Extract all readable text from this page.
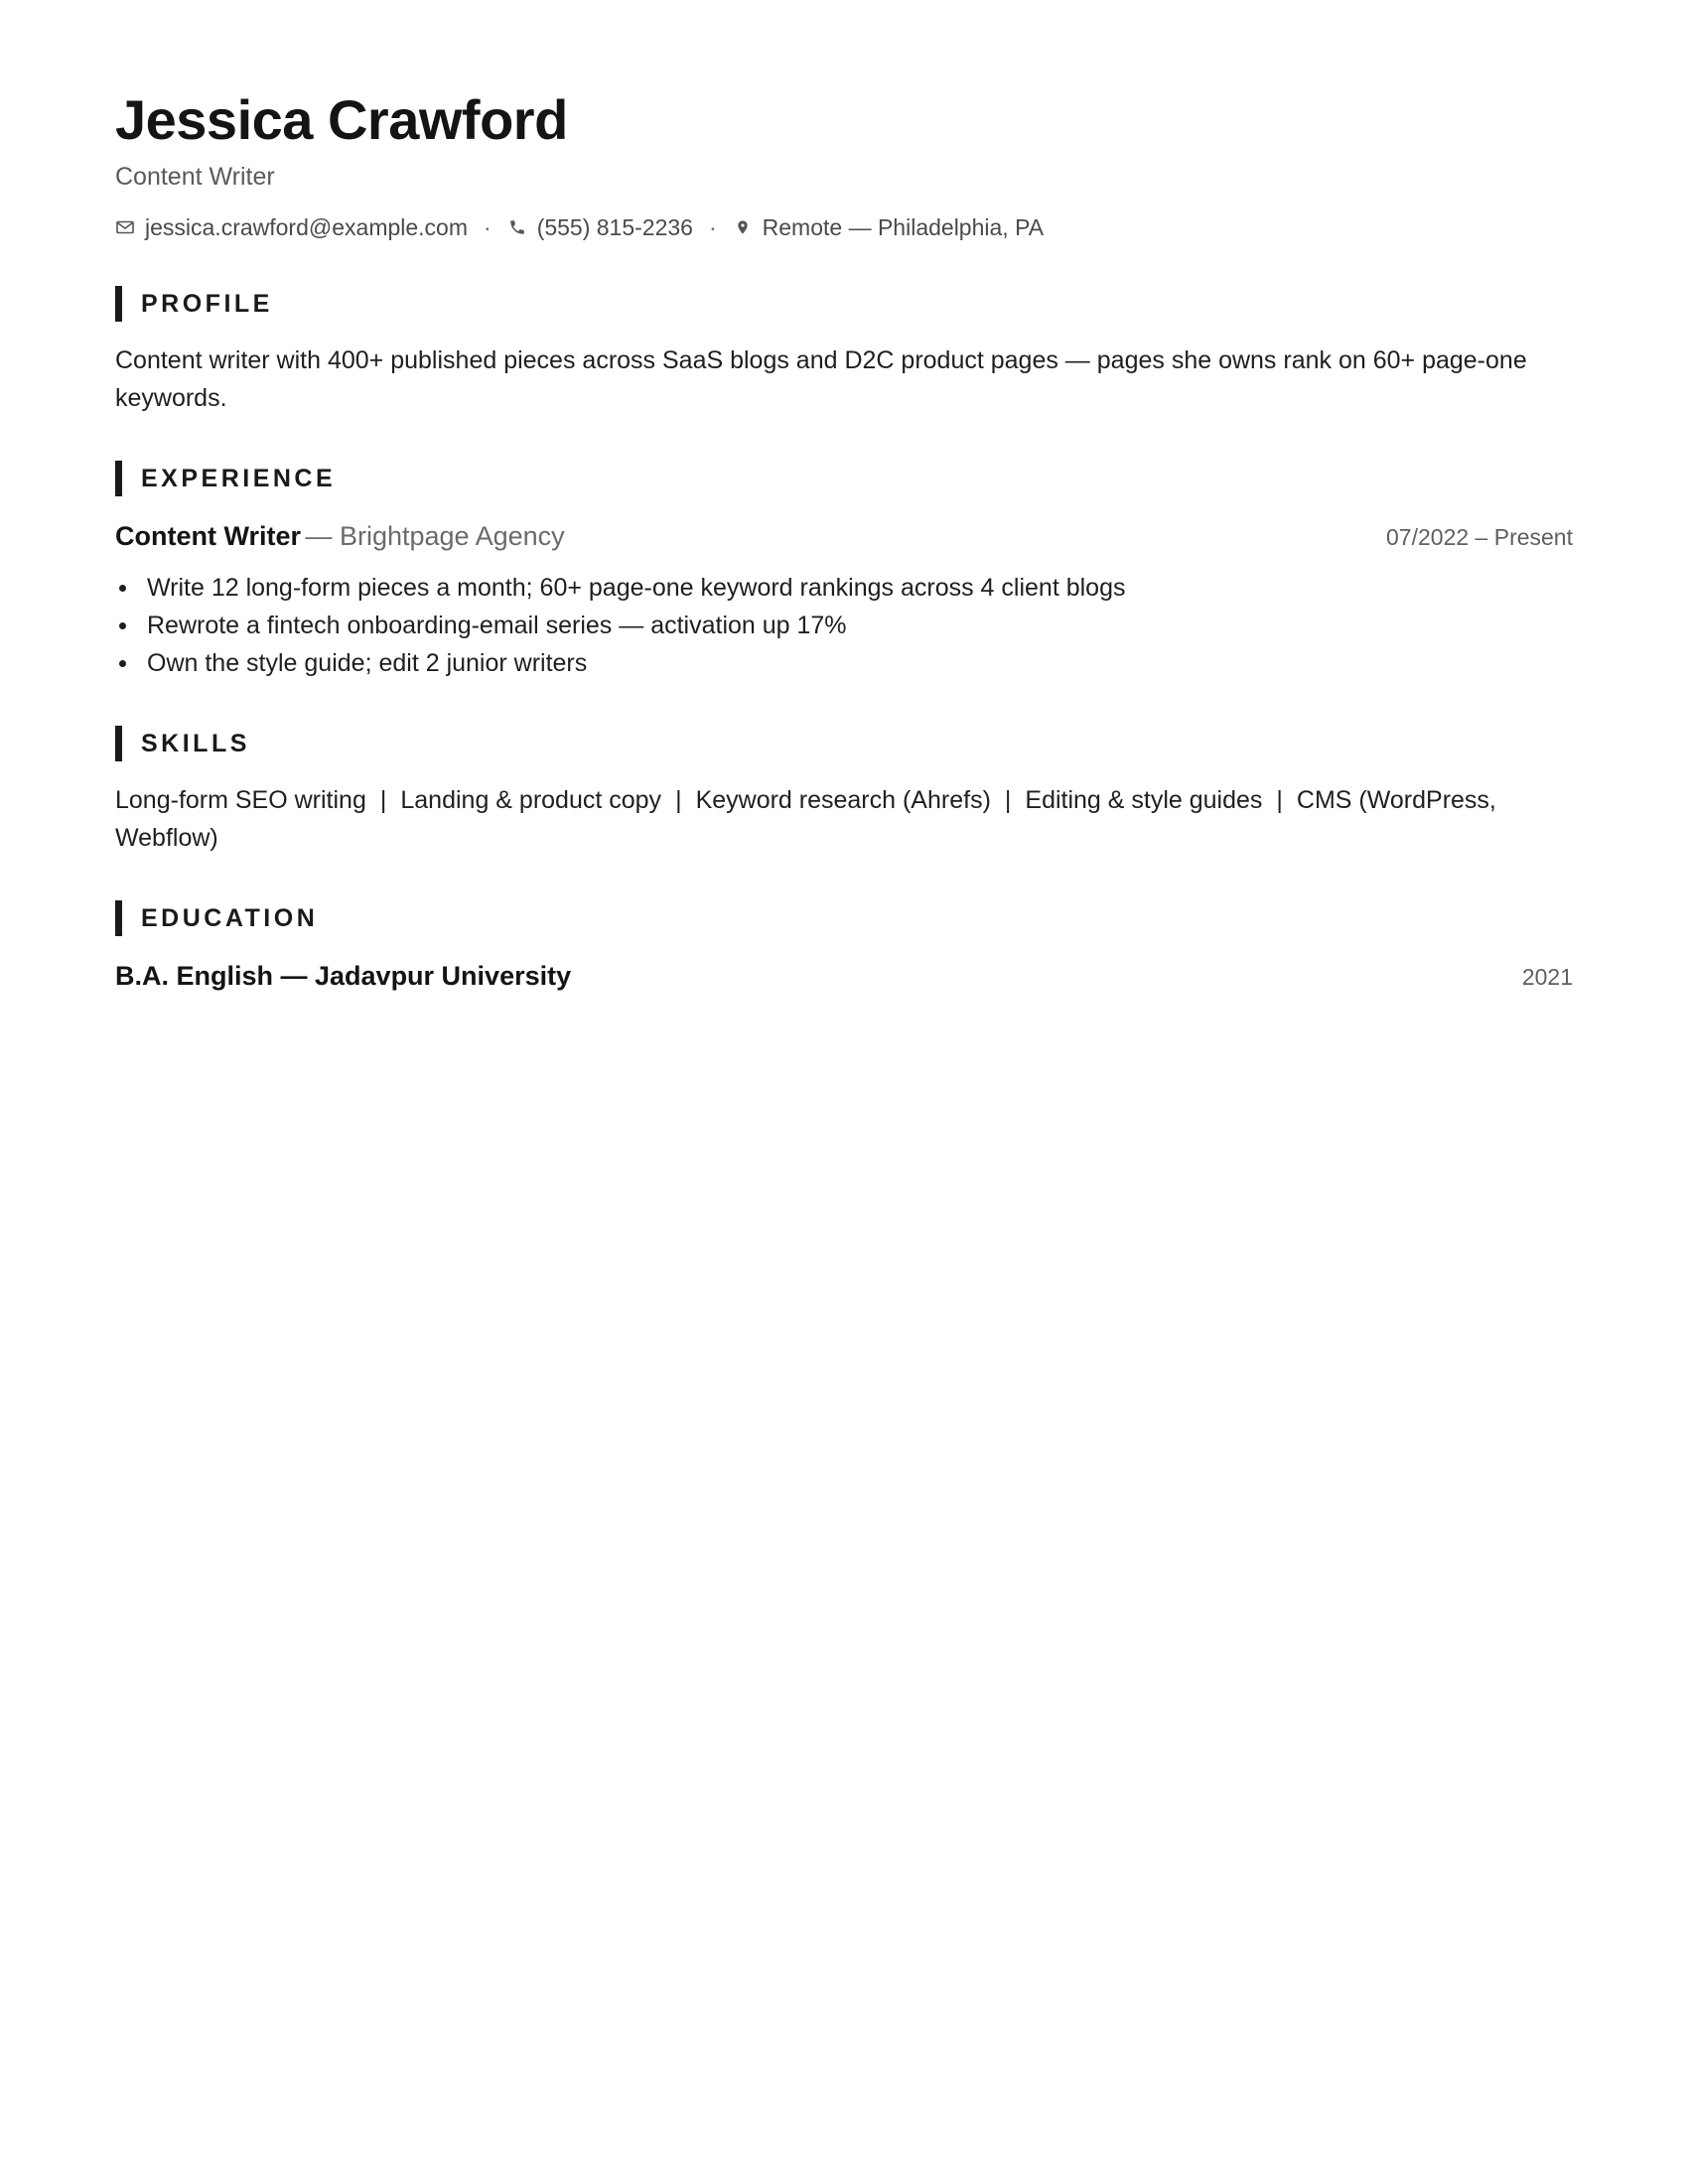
Jessica Crawford
Content Writer
jessica.crawford@example.com · (555) 815-2236 · Remote — Philadelphia, PA
PROFILE

Content writer with 400+ published pieces across SaaS blogs and D2C product pages — pages she owns rank on 60+ page-one keywords.

EXPERIENCE
Content Writer — Brightpage Agency	07/2022 – Present
Write 12 long-form pieces a month; 60+ page-one keyword rankings across 4 client blogs
Rewrote a fintech onboarding-email series — activation up 17%
Own the style guide; edit 2 junior writers
SKILLS

Long-form SEO writing | Landing & product copy | Keyword research (Ahrefs) | Editing & style guides | CMS (WordPress, Webflow)

EDUCATION
B.A. English — Jadavpur University	2021
